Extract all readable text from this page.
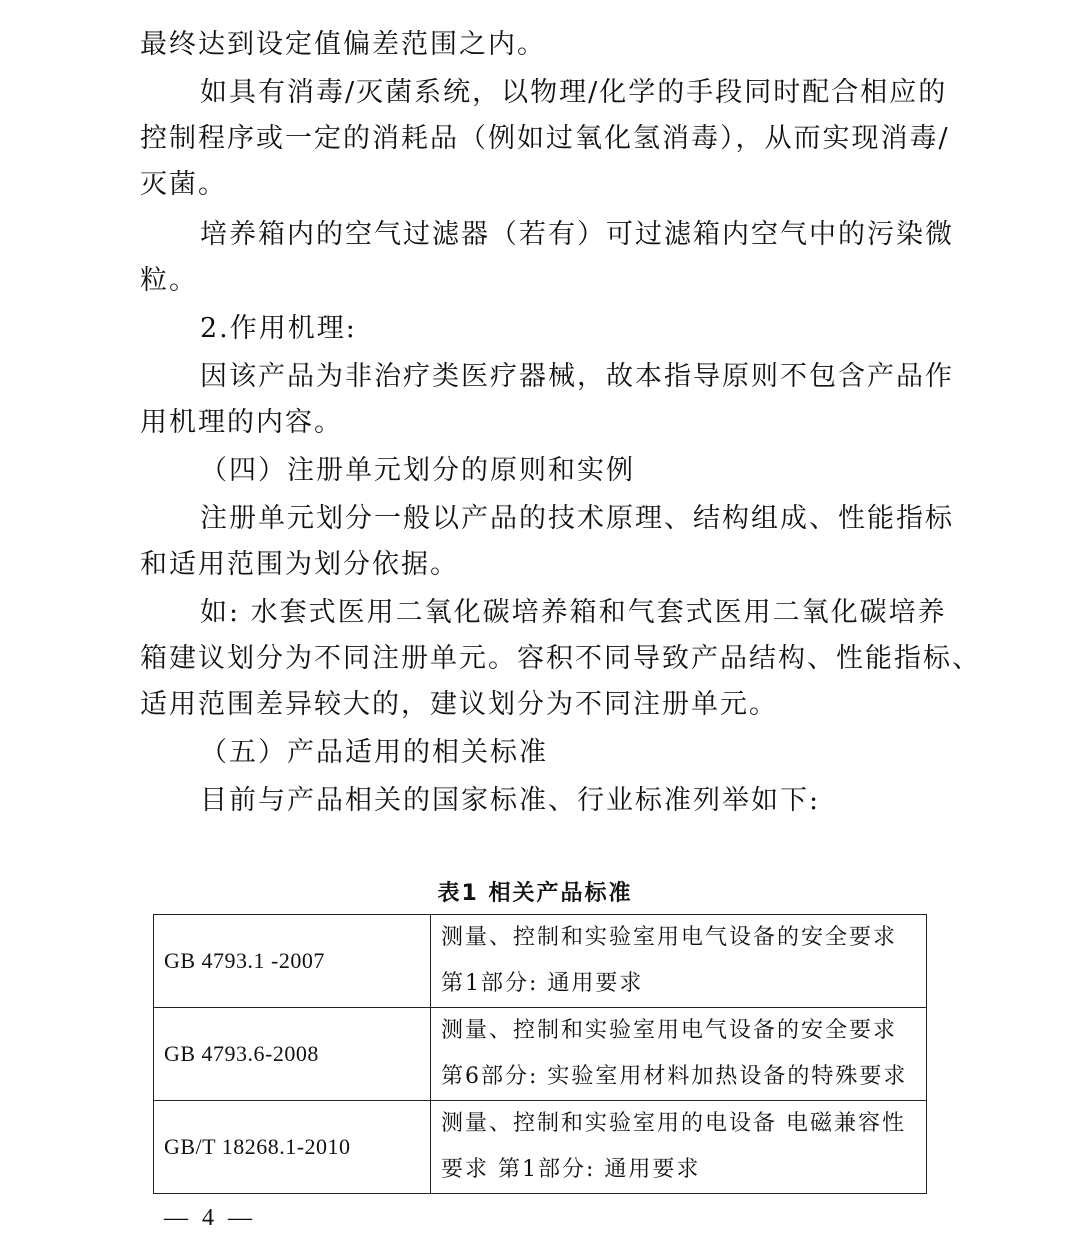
最终达到设定值偏差范围之内。

如具有消毒/灭菌系统，以物理/化学的手段同时配合相应的
控制程序或一定的消耗品（例如过氧化氢消毒），从而实现消毒/
灭菌。

培养箱内的空气过滤器（若有）可过滤箱内空气中的污染微
粒。

2.作用机理:

因该产品为非治疗类医疗器械，故本指导原则不包含产品作
用机理的内容。

（四）注册单元划分的原则和实例

注册单元划分一般以产品的技术原理、结构组成、性能指标
和适用范围为划分依据。

如: 水套式医用二氧化碳培养箱和气套式医用二氧化碳培养
箱建议划分为不同注册单元。容积不同导致产品结构、性能指标、
适用范围差异较大的，建议划分为不同注册单元。

（五）产品适用的相关标准

目前与产品相关的国家标准、行业标准列举如下:

表1 相关产品标准

GB 4793.1 -2007	测量、控制和实验室用电气设备的安全要求
第1部分: 通用要求

GB 4793.6-2008	测量、控制和实验室用电气设备的安全要求
第6部分: 实验室用材料加热设备的特殊要求

GB/T 18268.1-2010	测量、控制和实验室用的电设备 电磁兼容性
要求 第1部分: 通用要求
— 4 —
